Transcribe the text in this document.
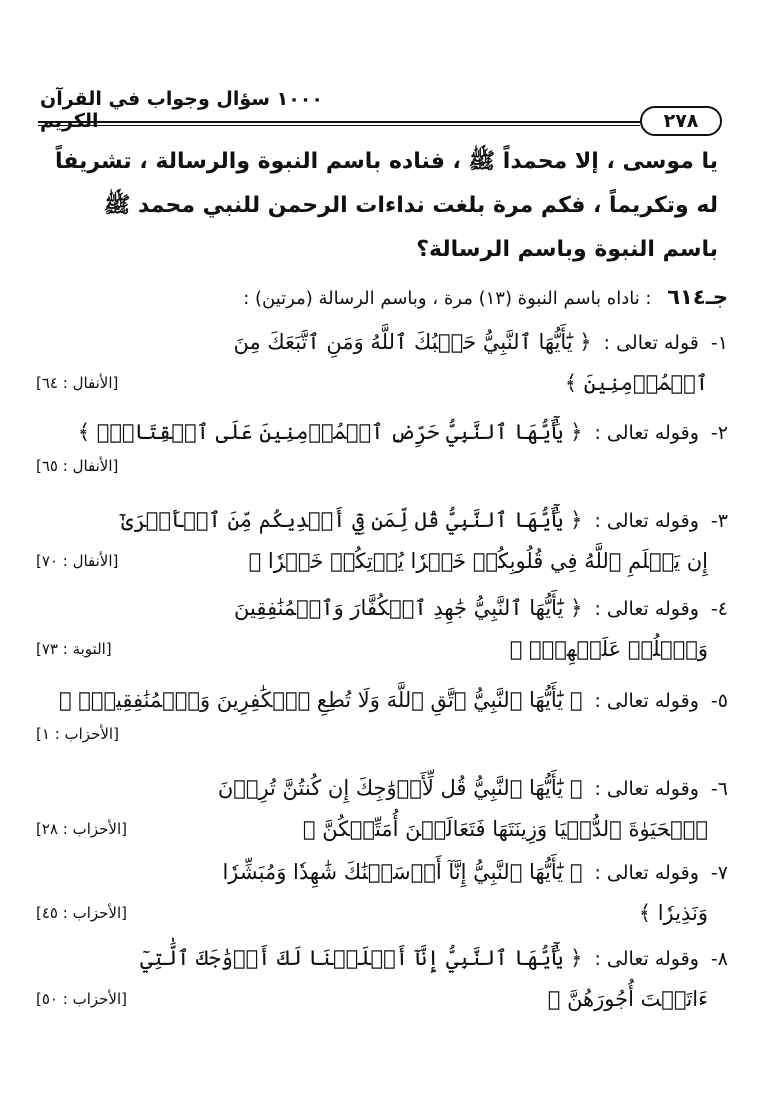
١٠٠٠ سؤال وجواب في القرآن الكريم	٢٧٨
يا موسى ، إلا محمداً ﷺ ، فناده باسم النبوة والرسالة ، تشريفاً
له وتكريماً ، فكم مرة بلغت نداءات الرحمن للنبي محمد ﷺ
باسم النبوة وباسم الرسالة؟
جـ٦١٤ : ناداه باسم النبوة (١٣) مرة ، وباسم الرسالة (مرتين) :
١- قوله تعالى : ﴿ يَٰٓأَيُّهَا ٱلنَّبِيُّ حَسۡبُكَ ٱللَّهُ وَمَنِ ٱتَّبَعَكَ مِنَ
ٱلۡمُؤۡمِنِينَ ﴾
[الأنفال : ٦٤]
٢- وقوله تعالى : ﴿ يَٰٓأَيُّهَا ٱلنَّبِيُّ حَرِّضِ ٱلۡمُؤۡمِنِينَ عَلَى ٱلۡقِتَالِۚ ﴾
[الأنفال : ٦٥]
٣- وقوله تعالى : ﴿ يَٰٓأَيُّهَا ٱلنَّبِيُّ قُل لِّمَن فِيٓ أَيۡدِيكُم مِّنَ ٱلۡأَسۡرَىٰٓ
إِن يَعۡلَمِ ٱللَّهُ فِي قُلُوبِكُمۡ خَيۡرٗا يُؤۡتِكُمۡ خَيۡرٗا ﴾
[الأنفال : ٧٠]
٤- وقوله تعالى : ﴿ يَٰٓأَيُّهَا ٱلنَّبِيُّ جَٰهِدِ ٱلۡكُفَّارَ وَٱلۡمُنَٰفِقِينَ
وَٱغۡلُظۡ عَلَيۡهِمۡۚ ﴾
[التوبة : ٧٣]
٥- وقوله تعالى : ﴿ يَٰٓأَيُّهَا ٱلنَّبِيُّ ٱتَّقِ ٱللَّهَ وَلَا تُطِعِ ٱلۡكَٰفِرِينَ وَٱلۡمُنَٰفِقِينَۚ ﴾
[الأحزاب : ١]
٦- وقوله تعالى : ﴿ يَٰٓأَيُّهَا ٱلنَّبِيُّ قُل لِّأَزۡوَٰجِكَ إِن كُنتُنَّ تُرِدۡنَ
ٱلۡحَيَوٰةَ ٱلدُّنۡيَا وَزِينَتَهَا فَتَعَالَيۡنَ أُمَتِّعۡكُنَّ ﴾
[الأحزاب : ٢٨]
٧- وقوله تعالى : ﴿ يَٰٓأَيُّهَا ٱلنَّبِيُّ إِنَّآ أَرۡسَلۡنَٰكَ شَٰهِدٗا وَمُبَشِّرٗا
وَنَذِيرٗا ﴾
[الأحزاب : ٤٥]
٨- وقوله تعالى : ﴿ يَٰٓأَيُّهَا ٱلنَّبِيُّ إِنَّآ أَحۡلَلۡنَا لَكَ أَزۡوَٰجَكَ ٱلَّٰتِيٓ
ءَاتَيۡتَ أُجُورَهُنَّ ﴾
[الأحزاب : ٥٠]
